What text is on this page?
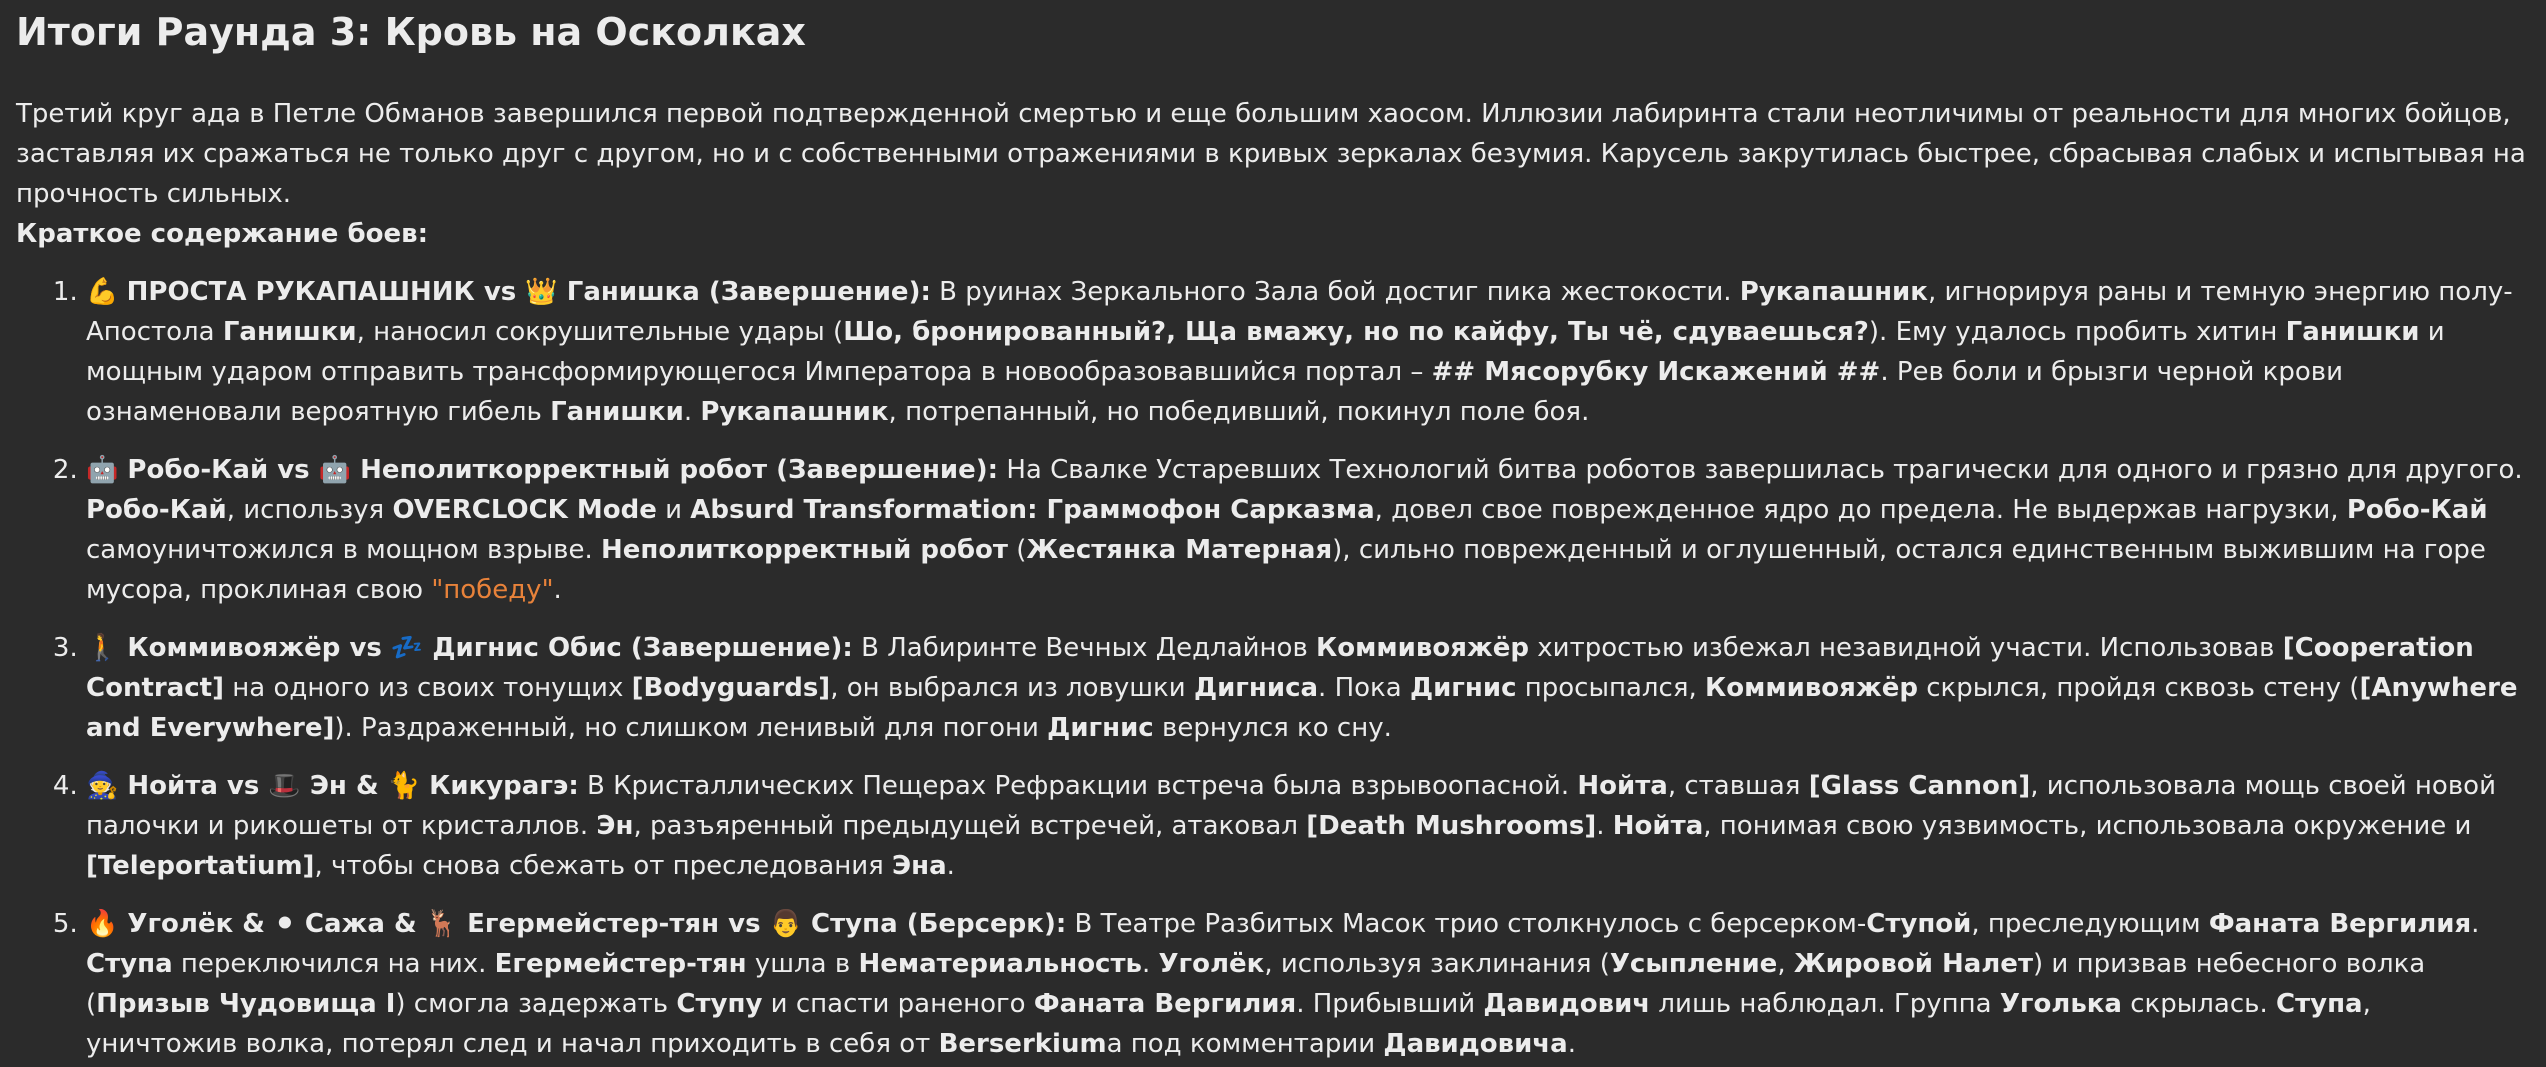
Итоги Раунда 3: Кровь на Осколках

Третий круг ада в Петле Обманов завершился первой подтвержденной смертью и еще большим хаосом. Иллюзии лабиринта стали неотличимы от реальности для многих бойцов, заставляя их сражаться не только друг с другом, но и с собственными отражениями в кривых зеркалах безумия. Карусель закрутилась быстрее, сбрасывая слабых и испытывая на прочность сильных.

Краткое содержание боев:

1. 💪 ПРОСТА РУКАПАШНИК vs 👑 Ганишка (Завершение): В руинах Зеркального Зала бой достиг пика жестокости. Рукапашник, игнорируя раны и темную энергию полу-Апостола Ганишки, наносил сокрушительные удары (Шо, бронированный?, Ща вмажу, но по кайфу, Ты чё, сдуваешься?). Ему удалось пробить хитин Ганишки и мощным ударом отправить трансформирующегося Императора в новообразовавшийся портал – ## Мясорубку Искажений ##. Рев боли и брызги черной крови ознаменовали вероятную гибель Ганишки. Рукапашник, потрепанный, но победивший, покинул поле боя.
2. 🤖 Робо-Кай vs 🤖 Неполиткорректный робот (Завершение): На Свалке Устаревших Технологий битва роботов завершилась трагически для одного и грязно для другого. Робо-Кай, используя OVERCLOCK Mode и Absurd Transformation: Граммофон Сарказма, довел свое поврежденное ядро до предела. Не выдержав нагрузки, Робо-Кай самоуничтожился в мощном взрыве. Неполиткорректный робот (Жестянка Матерная), сильно поврежденный и оглушенный, остался единственным выжившим на горе мусора, проклиная свою "победу".
3. 🚶 Коммивояжёр vs 💤 Дигнис Обис (Завершение): В Лабиринте Вечных Дедлайнов Коммивояжёр хитростью избежал незавидной участи. Использовав [Cooperation Contract] на одного из своих тонущих [Bodyguards], он выбрался из ловушки Дигниса. Пока Дигнис просыпался, Коммивояжёр скрылся, пройдя сквозь стену ([Anywhere and Everywhere]). Раздраженный, но слишком ленивый для погони Дигнис вернулся ко сну.
4. 🧙 Нойта vs 🎩 Эн & 🐈 Кикурагэ: В Кристаллических Пещерах Рефракции встреча была взрывоопасной. Нойта, ставшая [Glass Cannon], использовала мощь своей новой палочки и рикошеты от кристаллов. Эн, разъяренный предыдущей встречей, атаковал [Death Mushrooms]. Нойта, понимая свою уязвимость, использовала окружение и [Teleportatium], чтобы снова сбежать от преследования Эна.
5. 🔥 Уголёк & ⚫ Сажа & 🦌 Егермейстер-тян vs 👨 Ступа (Берсерк): В Театре Разбитых Масок трио столкнулось с берсерком-Ступой, преследующим Фаната Вергилия. Ступа переключился на них. Егермейстер-тян ушла в Нематериальность. Уголёк, используя заклинания (Усыпление, Жировой Налет) и призвав небесного волка (Призыв Чудовища I) смогла задержать Ступу и спасти раненого Фаната Вергилия. Прибывший Давидович лишь наблюдал. Группа Уголька скрылась. Ступа, уничтожив волка, потерял след и начал приходить в себя от Berserkiumа под комментарии Давидовича.
